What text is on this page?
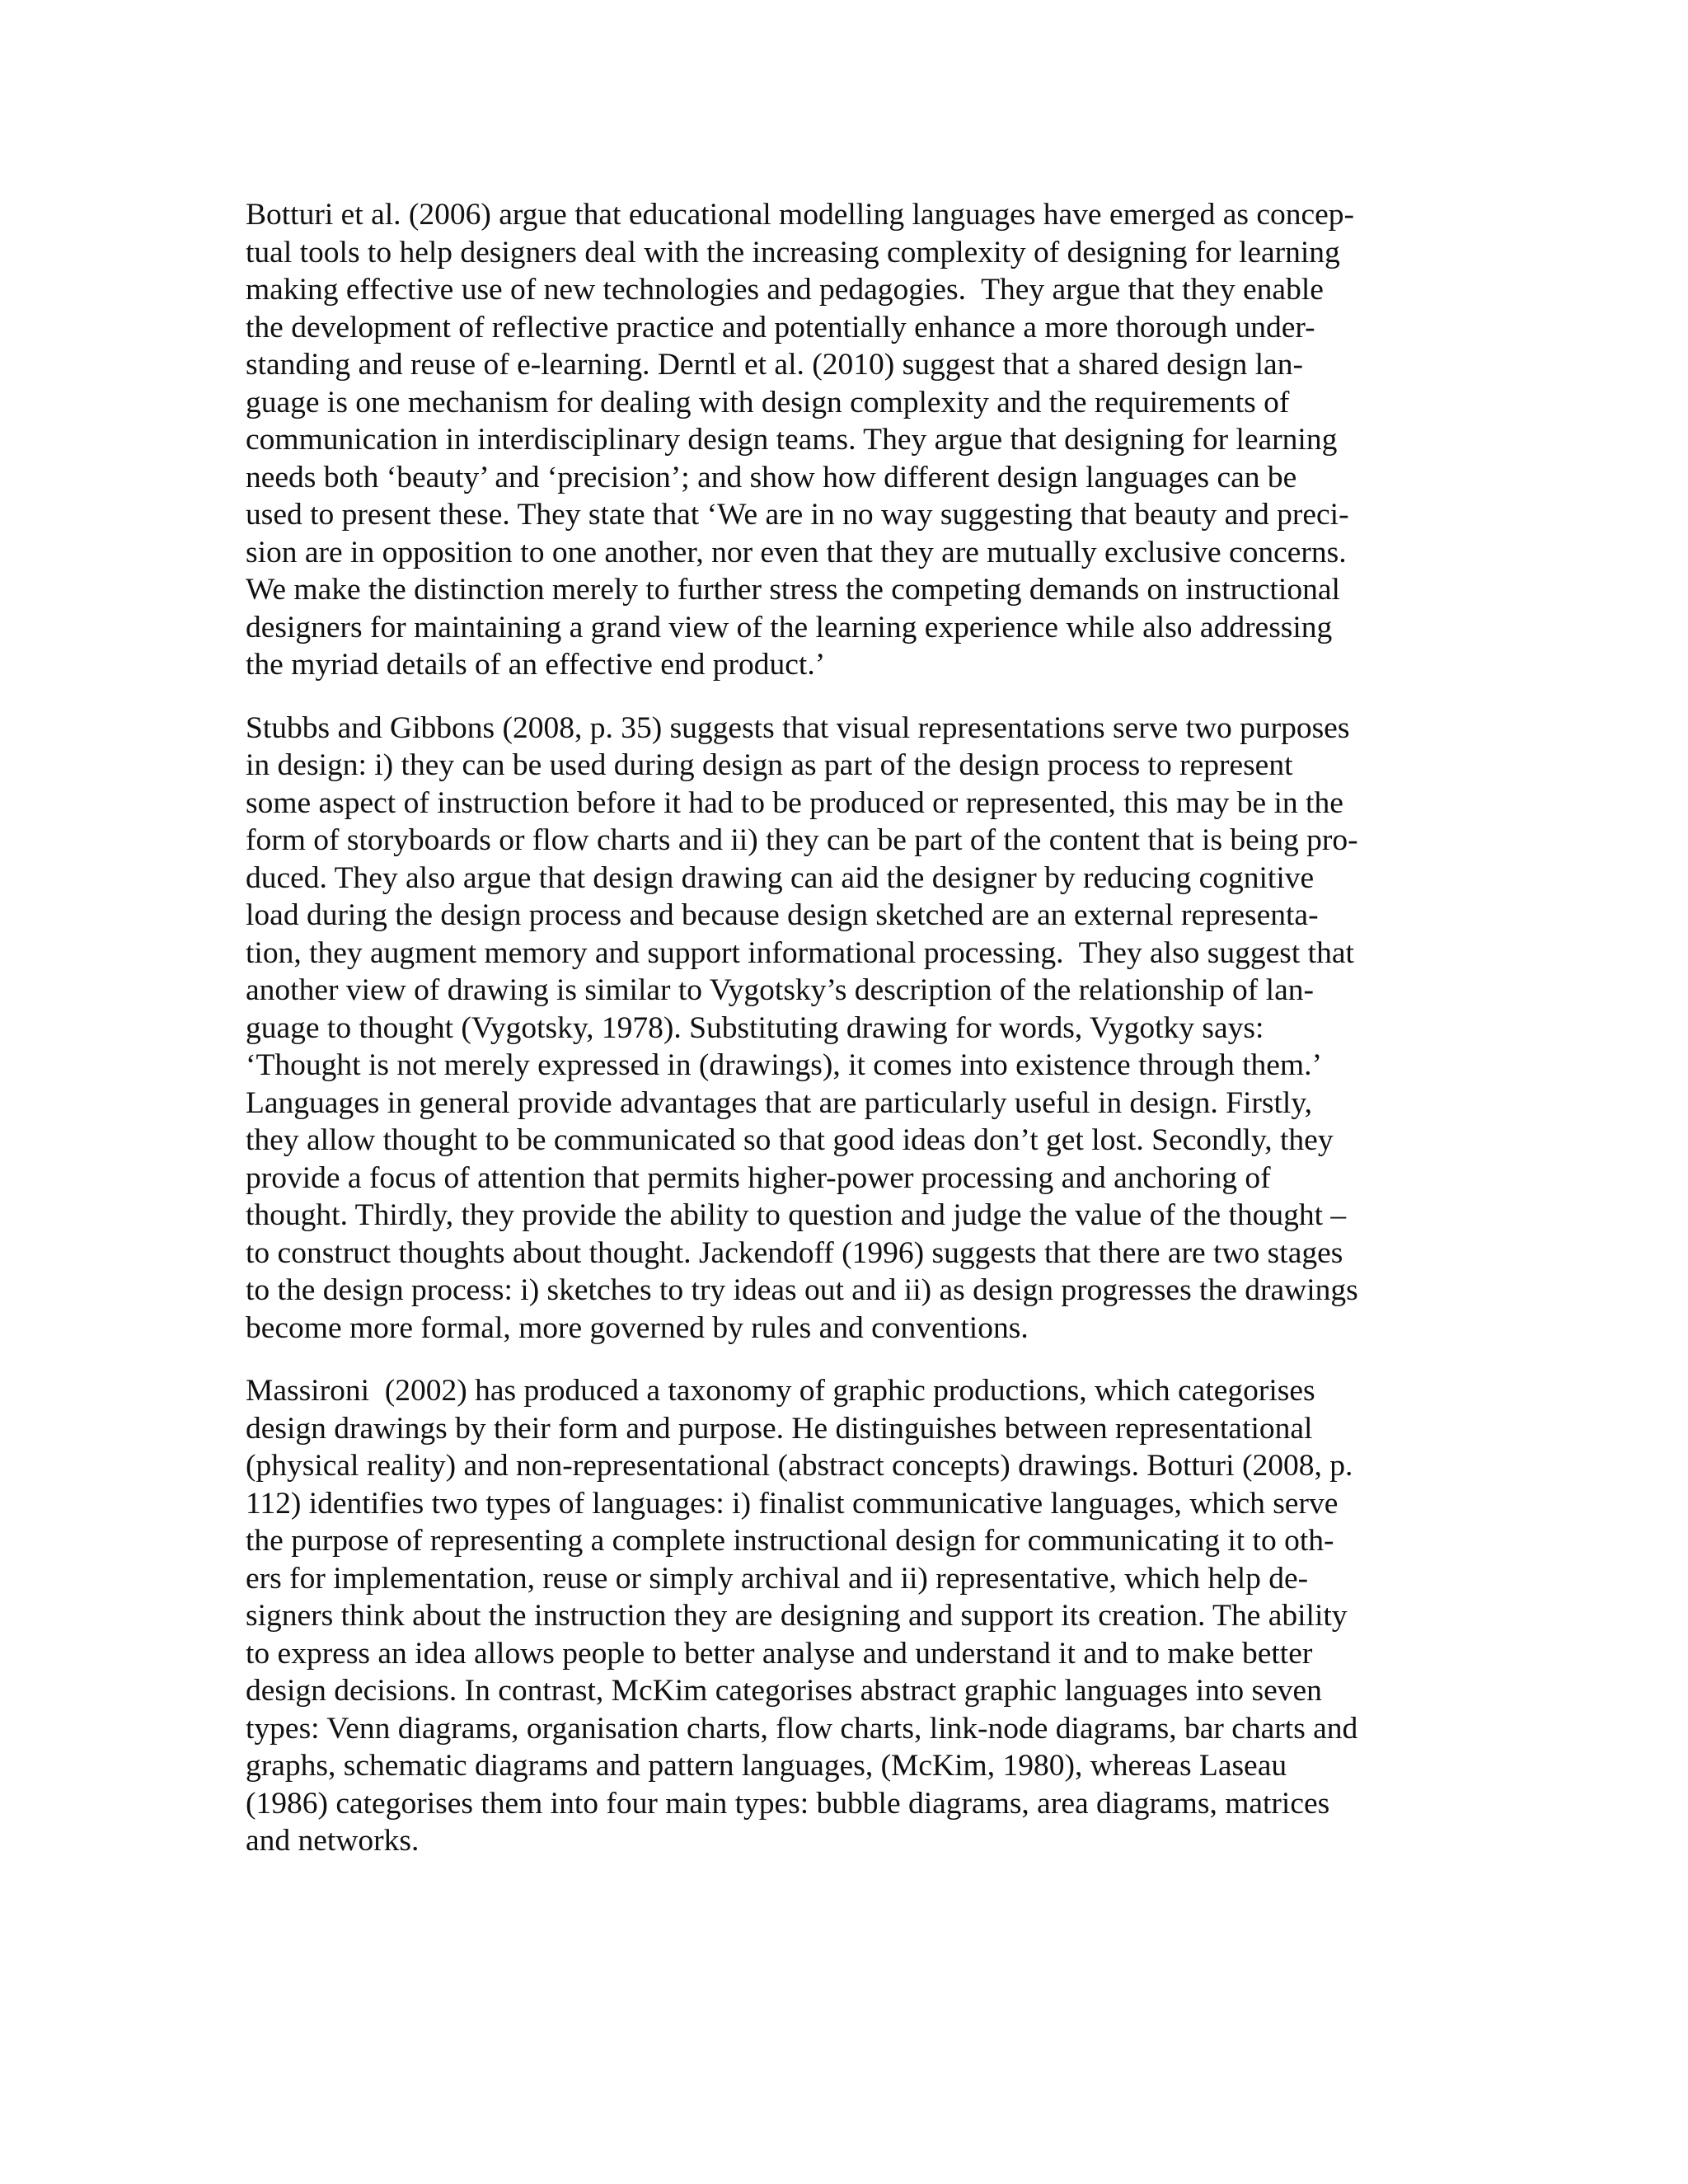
Botturi et al. (2006) argue that educational modelling languages have emerged as concep-
tual tools to help designers deal with the increasing complexity of designing for learning
making effective use of new technologies and pedagogies.  They argue that they enable
the development of reflective practice and potentially enhance a more thorough under-
standing and reuse of e-learning. Derntl et al. (2010) suggest that a shared design lan-
guage is one mechanism for dealing with design complexity and the requirements of
communication in interdisciplinary design teams. They argue that designing for learning
needs both ‘beauty’ and ‘precision’; and show how different design languages can be
used to present these. They state that ‘We are in no way suggesting that beauty and preci-
sion are in opposition to one another, nor even that they are mutually exclusive concerns.
We make the distinction merely to further stress the competing demands on instructional
designers for maintaining a grand view of the learning experience while also addressing
the myriad details of an effective end product.’
Stubbs and Gibbons (2008, p. 35) suggests that visual representations serve two purposes
in design: i) they can be used during design as part of the design process to represent
some aspect of instruction before it had to be produced or represented, this may be in the
form of storyboards or flow charts and ii) they can be part of the content that is being pro-
duced. They also argue that design drawing can aid the designer by reducing cognitive
load during the design process and because design sketched are an external representa-
tion, they augment memory and support informational processing.  They also suggest that
another view of drawing is similar to Vygotsky’s description of the relationship of lan-
guage to thought (Vygotsky, 1978). Substituting drawing for words, Vygotky says:
‘Thought is not merely expressed in (drawings), it comes into existence through them.’
Languages in general provide advantages that are particularly useful in design. Firstly,
they allow thought to be communicated so that good ideas don’t get lost. Secondly, they
provide a focus of attention that permits higher-power processing and anchoring of
thought. Thirdly, they provide the ability to question and judge the value of the thought –
to construct thoughts about thought. Jackendoff (1996) suggests that there are two stages
to the design process: i) sketches to try ideas out and ii) as design progresses the drawings
become more formal, more governed by rules and conventions.
Massironi  (2002) has produced a taxonomy of graphic productions, which categorises
design drawings by their form and purpose. He distinguishes between representational
(physical reality) and non-representational (abstract concepts) drawings. Botturi (2008, p.
112) identifies two types of languages: i) finalist communicative languages, which serve
the purpose of representing a complete instructional design for communicating it to oth-
ers for implementation, reuse or simply archival and ii) representative, which help de-
signers think about the instruction they are designing and support its creation. The ability
to express an idea allows people to better analyse and understand it and to make better
design decisions. In contrast, McKim categorises abstract graphic languages into seven
types: Venn diagrams, organisation charts, flow charts, link-node diagrams, bar charts and
graphs, schematic diagrams and pattern languages, (McKim, 1980), whereas Laseau
(1986) categorises them into four main types: bubble diagrams, area diagrams, matrices
and networks.
